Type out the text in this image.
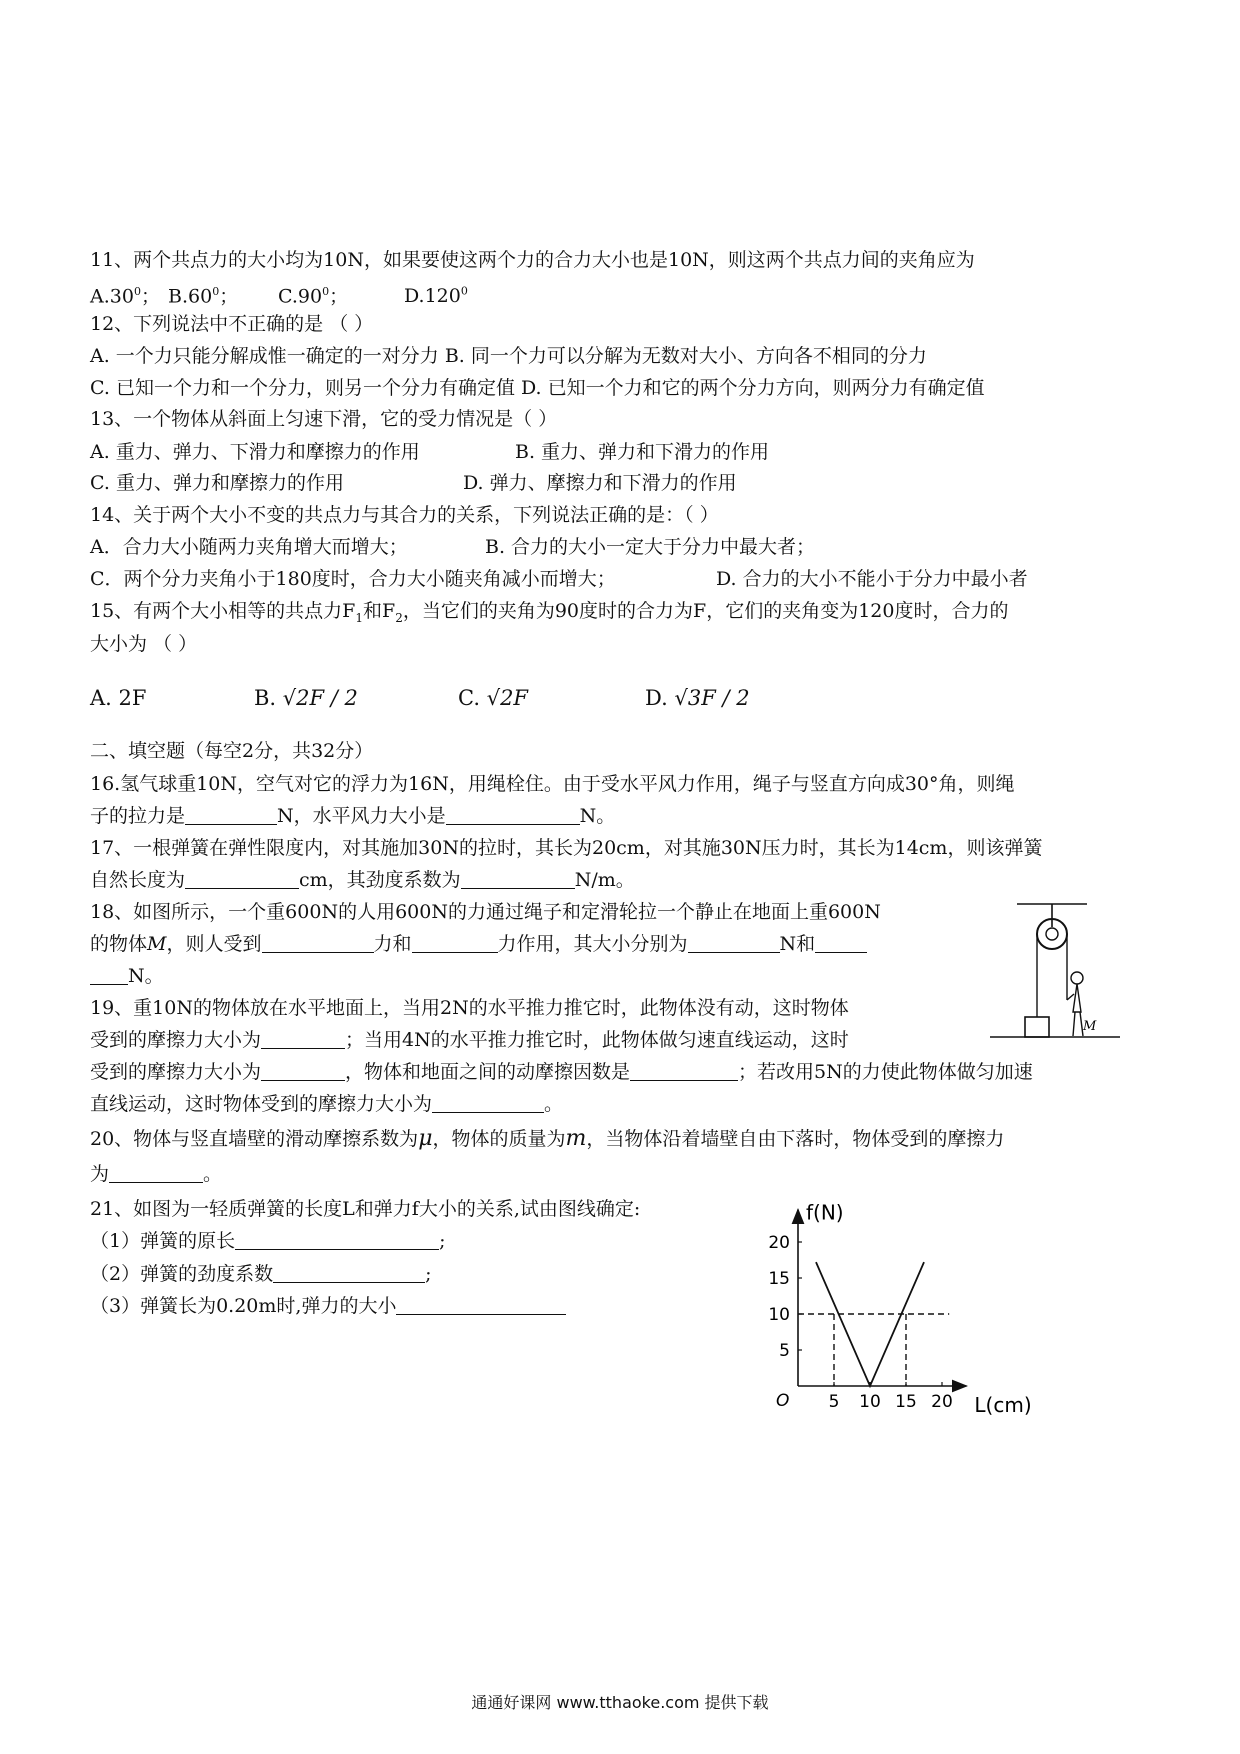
11、两个共点力的大小均为10N，如果要使这两个力的合力大小也是10N，则这两个共点力间的夹角应为
$A.30^0$； $B.60^0$； $C.90^0$；	D.120$^0$
12、下列说法中不正确的是 （ ）
A. 一个力只能分解成惟一确定的一对分力 B. 同一个力可以分解为无数对大小、方向各不相同的分力
C. 已知一个力和一个分力，则另一个分力有确定值 D. 已知一个力和它的两个分力方向，则两分力有确定值
13、一个物体从斜面上匀速下滑，它的受力情况是（ ）
A. 重力、弹力、下滑力和摩擦力的作用	B. 重力、弹力和下滑力的作用
C. 重力、弹力和摩擦力的作用	D. 弹力、摩擦力和下滑力的作用
14、关于两个大小不变的共点力与其合力的关系，下列说法正确的是：（ ）
A．合力大小随两力夹角增大而增大；	B. 合力的大小一定大于分力中最大者；
C．两个分力夹角小于180度时，合力大小随夹角减小而增大；	D. 合力的大小不能小于分力中最小者
15、有两个大小相等的共点力$F_1$和$F_2$，当它们的夹角为90度时的合力为F，它们的夹角变为120度时，合力的
大小为 （ ）
A. 2F	B. √2F / 2	C. √2F	D. √3F / 2
二、填空题（每空2分，共32分）
16.氢气球重10N，空气对它的浮力为16N，用绳栓住。由于受水平风力作用，绳子与竖直方向成30°角，则绳
子的拉力是	N，水平风力大小是	N。
17、一根弹簧在弹性限度内，对其施加30N的拉时，其长为20cm，对其施30N压力时，其长为14cm，则该弹簧
自然长度为	cm，其劲度系数为	N/m。
18、如图所示，一个重600N的人用600N的力通过绳子和定滑轮拉一个静止在地面上重600N
的物体M，则人受到	力和	力作用，其大小分别为	N和
N。
M
19、重10N的物体放在水平地面上，当用2N的水平推力推它时，此物体没有动，这时物体
受到的摩擦力大小为	；当用4N的水平推力推它时，此物体做匀速直线运动，这时
受到的摩擦力大小为	，物体和地面之间的动摩擦因数是	；若改用5N的力使此物体做匀加速
直线运动，这时物体受到的摩擦力大小为	。
20、物体与竖直墙壁的滑动摩擦系数为μ，物体的质量为m，当物体沿着墙壁自由下落时，物体受到的摩擦力
为	。
21、如图为一轻质弹簧的长度L和弹力f大小的关系,试由图线确定:
（1）弹簧的原长	;
（2）弹簧的劲度系数	;
（3）弹簧长为0.20m时,弹力的大小
O	L(cm)
f(N)
5 10 15 20
5
10
15
20
通通好课网 www.tthaoke.com 提供下载
